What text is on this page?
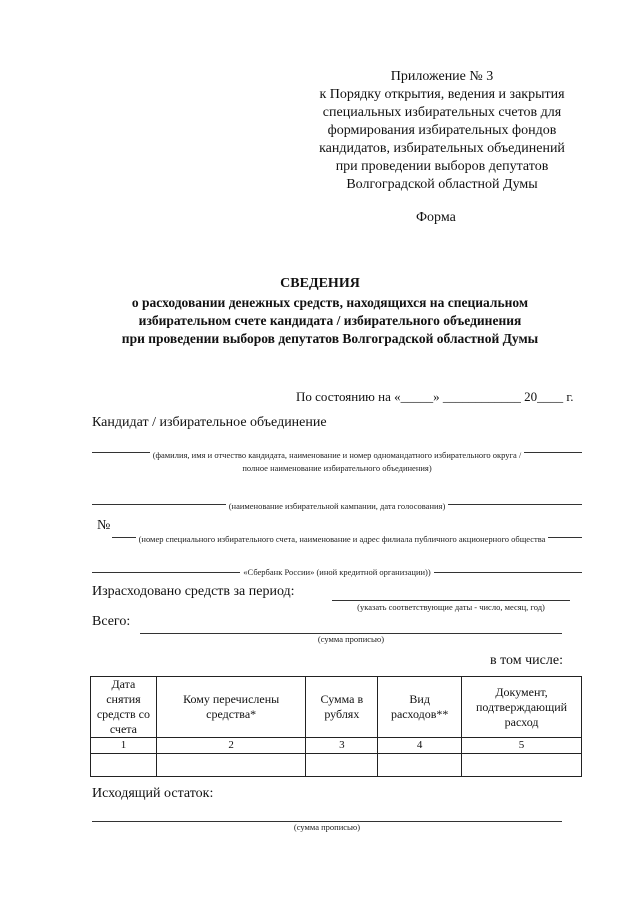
Приложение № 3
к Порядку открытия, ведения и закрытия
специальных избирательных счетов для
формирования избирательных фондов
кандидатов, избирательных объединений
при проведении выборов депутатов
Волгоградской областной Думы
Форма
СВЕДЕНИЯ
о расходовании денежных средств, находящихся на специальном
избирательном счете кандидата / избирательного объединения
при проведении выборов депутатов Волгоградской областной Думы
По состоянию на «_____» ____________ 20____ г.
Кандидат / избирательное объединение
(фамилия, имя и отчество кандидата, наименование и номер одномандатного избирательного округа /
полное наименование избирательного объединения)
(наименование избирательной кампании, дата голосования)
№
(номер специального избирательного счета, наименование и адрес филиала публичного акционерного общества
«Сбербанк России» (иной кредитной организации))
Израсходовано средств за период:
(указать соответствующие даты - число, месяц, год)
Всего:
(сумма прописью)
в том числе:
Дата снятия средств со счета	Кому перечислены средства*	Сумма в рублях	Вид расходов**	Документ, подтверждающий расход
1	2	3	4	5

Исходящий остаток:
(сумма прописью)
